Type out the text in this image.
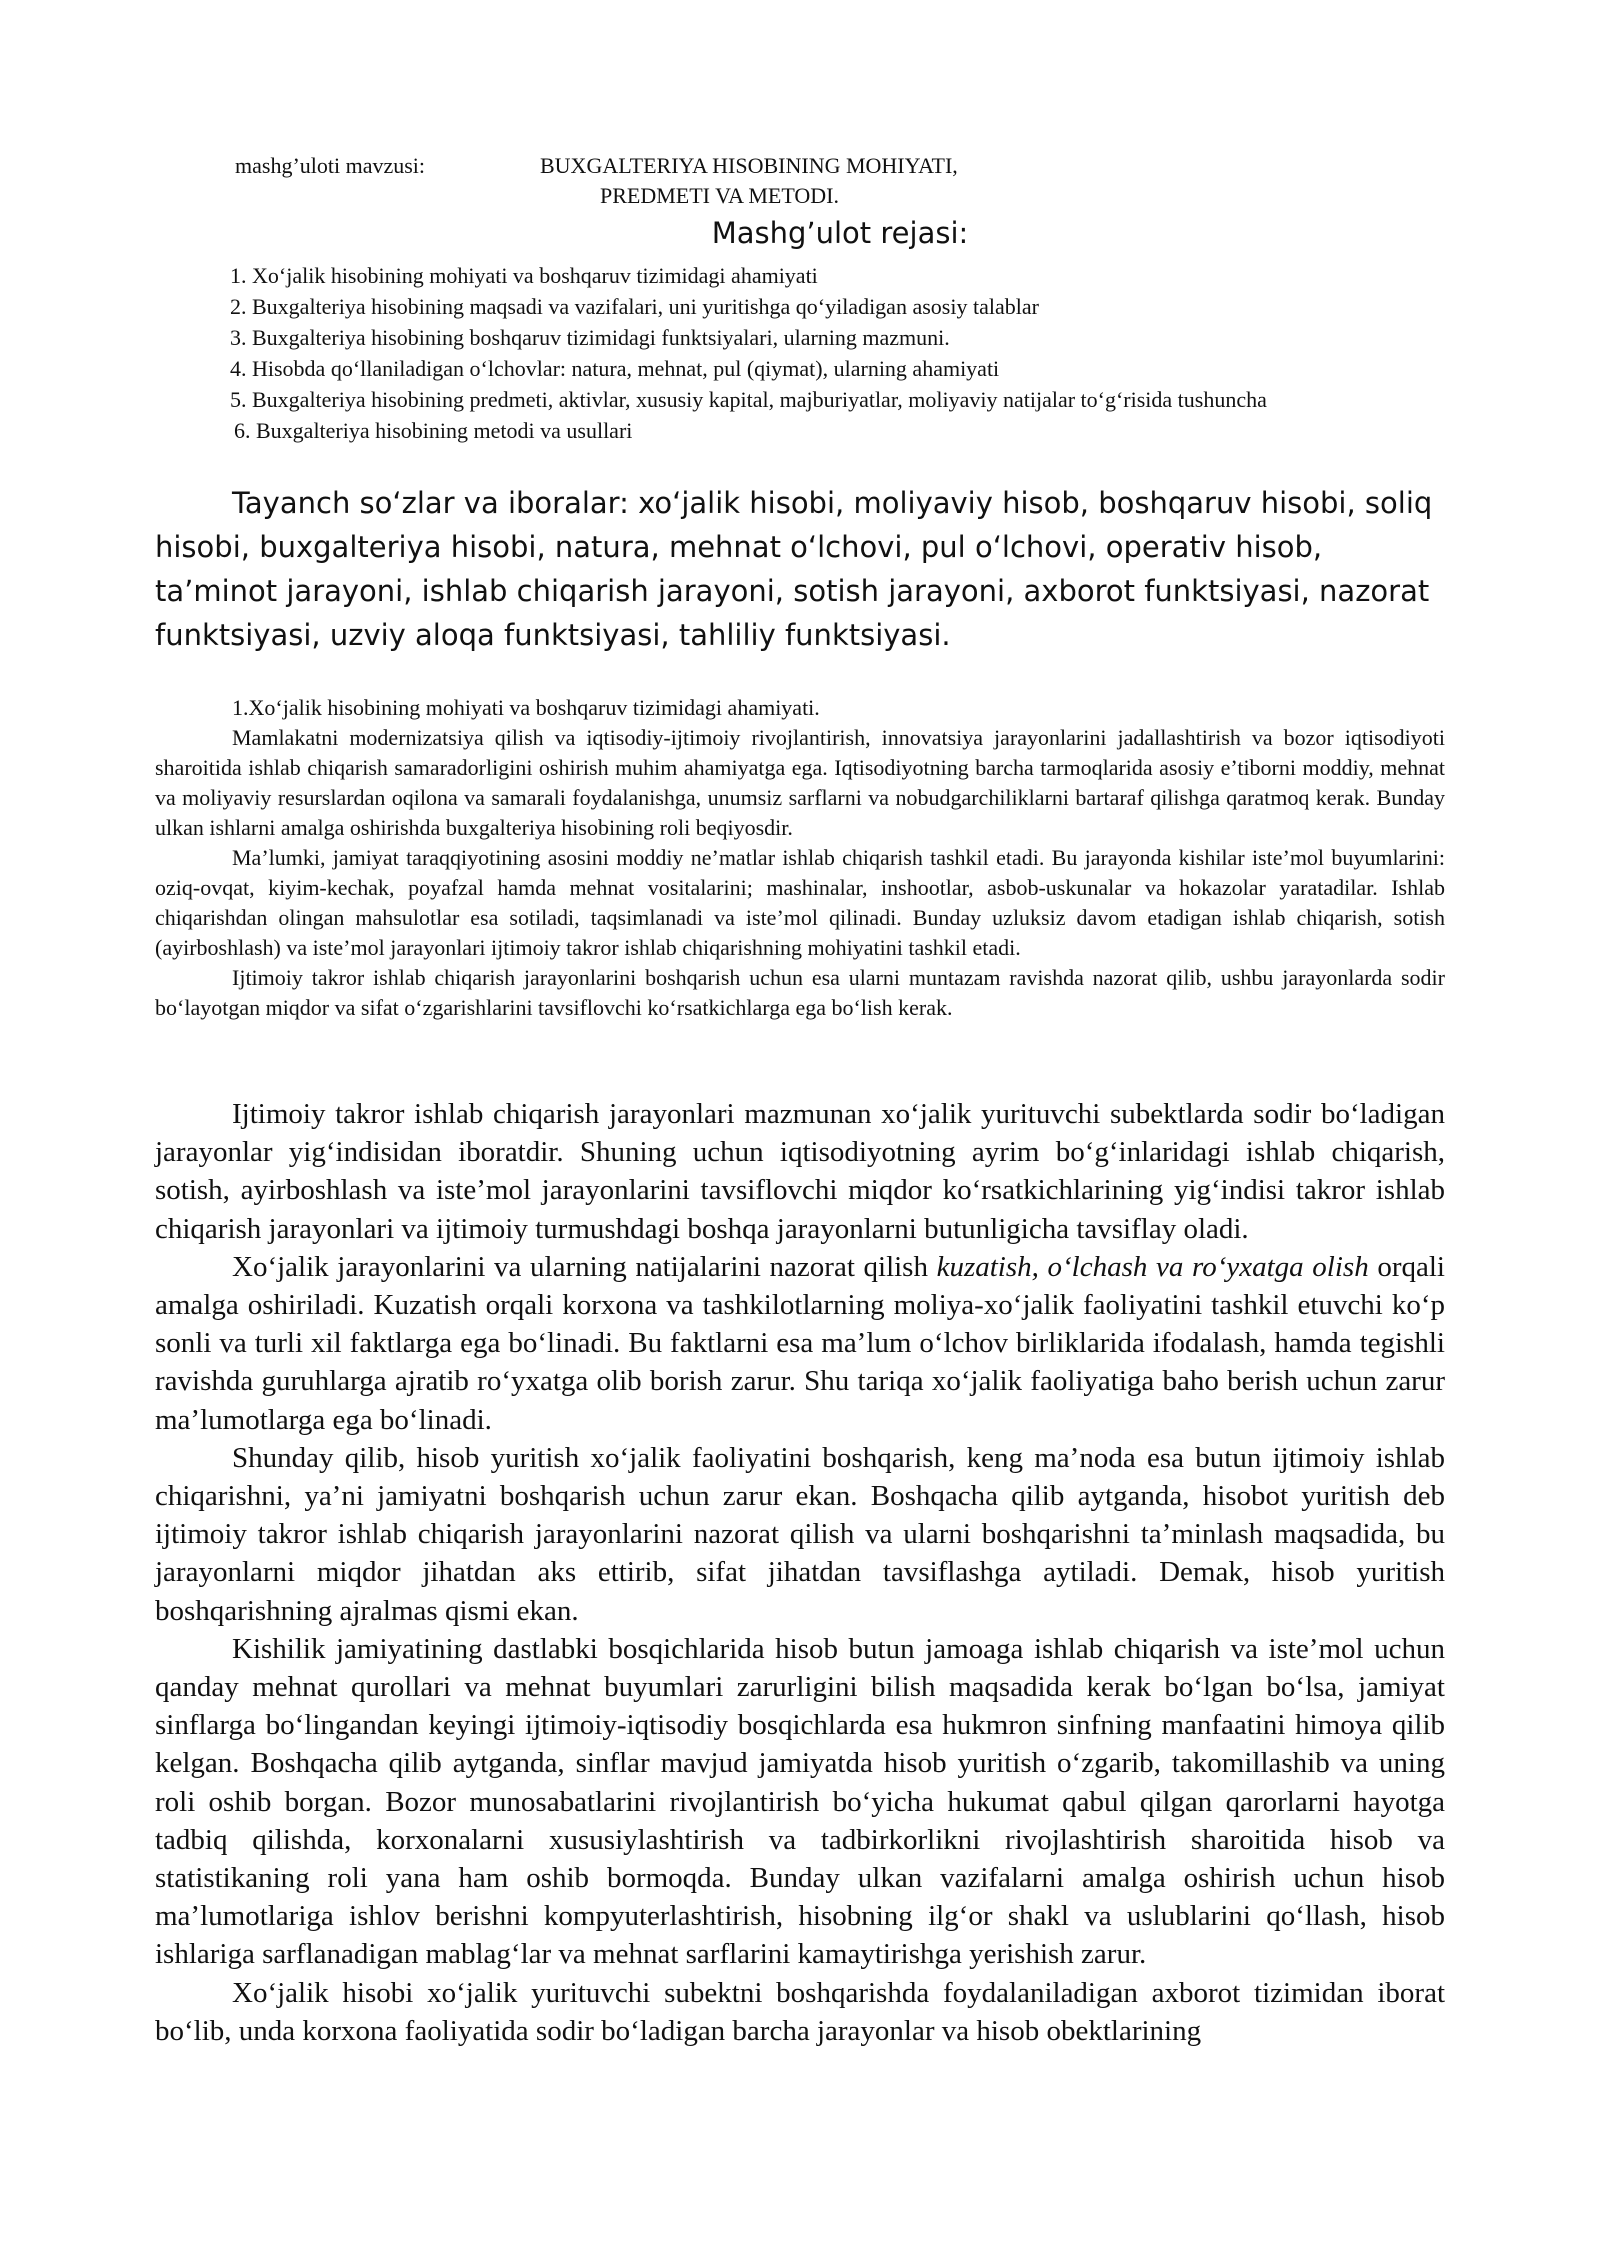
mashg’uloti mavzusi:	BUXGALTERIYA HISOBINING MOHIYATI,
PREDMETI VA METODI.
Mashg’ulot rejasi:
1. Xo‘jalik hisobining mohiyati va boshqaruv tizimidagi ahamiyati
2. Buxgalteriya hisobining maqsadi va vazifalari, uni yuritishga qo‘yiladigan asosiy talablar
3. Buxgalteriya hisobining boshqaruv tizimidagi funktsiyalari, ularning mazmuni.
4. Hisobda qo‘llaniladigan o‘lchovlar: natura, mehnat, pul (qiymat), ularning ahamiyati
5. Buxgalteriya hisobining predmeti, aktivlar, xususiy kapital, majburiyatlar, moliyaviy natijalar to‘g‘risida tushuncha
6. Buxgalteriya hisobining metodi va usullari
Tayanch so‘zlar va iboralar: xo‘jalik hisobi, moliyaviy hisob, boshqaruv hisobi, soliq hisobi, buxgalteriya hisobi, natura, mehnat o‘lchovi, pul o‘lchovi, operativ hisob, ta’minot jarayoni, ishlab chiqarish jarayoni, sotish jarayoni, axborot funktsiyasi, nazorat funktsiyasi, uzviy aloqa funktsiyasi, tahliliy funktsiyasi.

1.Xo‘jalik hisobining mohiyati va boshqaruv tizimidagi ahamiyati.

Mamlakatni modernizatsiya qilish va iqtisodiy-ijtimoiy rivojlantirish, innovatsiya jarayonlarini jadallashtirish va bozor iqtisodiyoti sharoitida ishlab chiqarish samaradorligini oshirish muhim ahamiyatga ega. Iqtisodiyotning barcha tarmoqlarida asosiy e’tiborni moddiy, mehnat va moliyaviy resurslardan oqilona va samarali foydalanishga, unumsiz sarflarni va nobudgarchiliklarni bartaraf qilishga qaratmoq kerak. Bunday ulkan ishlarni amalga oshirishda buxgalteriya hisobining roli beqiyosdir.

Ma’lumki, jamiyat taraqqiyotining asosini moddiy ne’matlar ishlab chiqarish tashkil etadi. Bu jarayonda kishilar iste’mol buyumlarini: oziq-ovqat, kiyim-kechak, poyafzal hamda mehnat vositalarini; mashinalar, inshootlar, asbob-uskunalar va hokazolar yaratadilar. Ishlab chiqarishdan olingan mahsulotlar esa sotiladi, taqsimlanadi va iste’mol qilinadi. Bunday uzluksiz davom etadigan ishlab chiqarish, sotish (ayirboshlash) va iste’mol jarayonlari ijtimoiy takror ishlab chiqarishning mohiyatini tashkil etadi.

Ijtimoiy takror ishlab chiqarish jarayonlarini boshqarish uchun esa ularni muntazam ravishda nazorat qilib, ushbu jarayonlarda sodir bo‘layotgan miqdor va sifat o‘zgarishlarini tavsiflovchi ko‘rsatkichlarga ega bo‘lish kerak.

Ijtimoiy takror ishlab chiqarish jarayonlari mazmunan xo‘jalik yurituvchi subektlarda sodir bo‘ladigan jarayonlar yig‘indisidan iboratdir. Shuning uchun iqtisodiyotning ayrim bo‘g‘inlaridagi ishlab chiqarish, sotish, ayirboshlash va iste’mol jarayonlarini tavsiflovchi miqdor ko‘rsatkichlarining yig‘indisi takror ishlab chiqarish jarayonlari va ijtimoiy turmushdagi boshqa jarayonlarni butunligicha tavsiflay oladi.

Xo‘jalik jarayonlarini va ularning natijalarini nazorat qilish kuzatish, o‘lchash va ro‘yxatga olish orqali amalga oshiriladi. Kuzatish orqali korxona va tashkilotlarning moliya-xo‘jalik faoliyatini tashkil etuvchi ko‘p sonli va turli xil faktlarga ega bo‘linadi. Bu faktlarni esa ma’lum o‘lchov birliklarida ifodalash, hamda tegishli ravishda guruhlarga ajratib ro‘yxatga olib borish zarur. Shu tariqa xo‘jalik faoliyatiga baho berish uchun zarur ma’lumotlarga ega bo‘linadi.

Shunday qilib, hisob yuritish xo‘jalik faoliyatini boshqarish, keng ma’noda esa butun ijtimoiy ishlab chiqarishni, ya’ni jamiyatni boshqarish uchun zarur ekan. Boshqacha qilib aytganda, hisobot yuritish deb ijtimoiy takror ishlab chiqarish jarayonlarini nazorat qilish va ularni boshqarishni ta’minlash maqsadida, bu jarayonlarni miqdor jihatdan aks ettirib, sifat jihatdan tavsiflashga aytiladi. Demak, hisob yuritish boshqarishning ajralmas qismi ekan.

Kishilik jamiyatining dastlabki bosqichlarida hisob butun jamoaga ishlab chiqarish va iste’mol uchun qanday mehnat qurollari va mehnat buyumlari zarurligini bilish maqsadida kerak bo‘lgan bo‘lsa, jamiyat sinflarga bo‘lingandan keyingi ijtimoiy-iqtisodiy bosqichlarda esa hukmron sinfning manfaatini himoya qilib kelgan. Boshqacha qilib aytganda, sinflar mavjud jamiyatda hisob yuritish o‘zgarib, takomillashib va uning roli oshib borgan. Bozor munosabatlarini rivojlantirish bo‘yicha hukumat qabul qilgan qarorlarni hayotga tadbiq qilishda, korxonalarni xususiylashtirish va tadbirkorlikni rivojlashtirish sharoitida hisob va statistikaning roli yana ham oshib bormoqda. Bunday ulkan vazifalarni amalga oshirish uchun hisob ma’lumotlariga ishlov berishni kompyuterlashtirish, hisobning ilg‘or shakl va uslublarini qo‘llash, hisob ishlariga sarflanadigan mablag‘lar va mehnat sarflarini kamaytirishga yerishish zarur.

Xo‘jalik hisobi xo‘jalik yurituvchi subektni boshqarishda foydalaniladigan axborot tizimidan iborat bo‘lib, unda korxona faoliyatida sodir bo‘ladigan barcha jarayonlar va hisob obektlarining
